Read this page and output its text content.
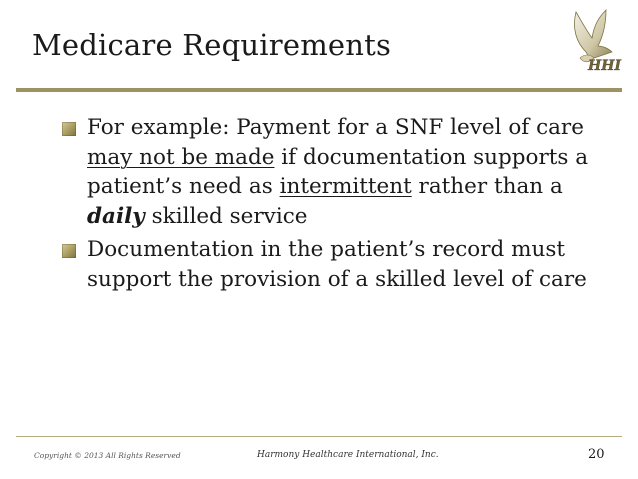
Medicare Requirements
HHI
For example: Payment for a SNF level of care may not be made if documentation supports a patient’s need as intermittent rather than a daily skilled service
Documentation in the patient’s record must support the provision of a skilled level of care
Copyright © 2013 All Rights Reserved	Harmony Healthcare International, Inc.	20
